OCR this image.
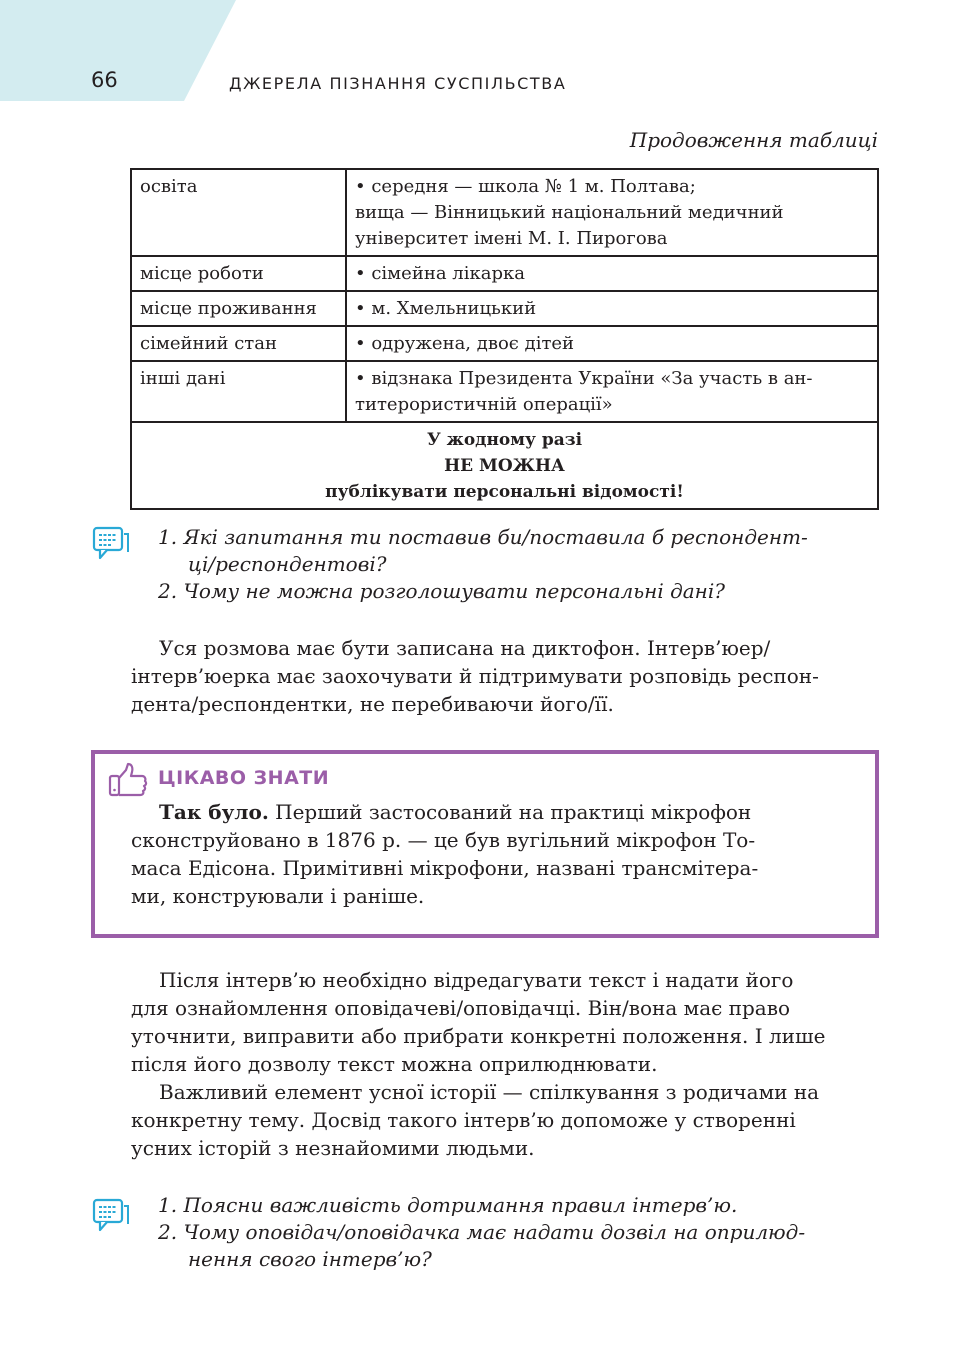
66	ДЖЕРЕЛА ПІЗНАННЯ СУСПІЛЬСТВА
Продовження таблиці
освіта	• середня — школа № 1 м. Полтава;
вища — Вінницький національний медичний
університет імені М. І. Пирогова

місце роботи	• сімейна лікарка

місце проживання	• м. Хмельницький

сімейний стан	• одружена, двоє дітей

інші дані	• відзнака Президента України «За участь в ан-
титерористичній операції»

У жодному разі
НЕ МОЖНА
публікувати персональні відомості!	
1. Які запитання ти поставив би/поставила б респондент-
ці/респондентові?
2. Чому не можна розголошувати персональні дані?

Уся розмова має бути записана на диктофон. Інтерв’юер/
інтерв’юерка має заохочувати й підтримувати розповідь респон-
дента/респондентки, не перебиваючи його/її.

ЦІКАВО ЗНАТИ

Так було. Перший застосований на практиці мікрофон
сконструйовано в 1876 р. — це був вугільний мікрофон То-
маса Едісона. Примітивні мікрофони, названі трансмітера-
ми, конструювали і раніше.

Після інтерв’ю необхідно відредагувати текст і надати його
для ознайомлення оповідачеві/оповідачці. Він/вона має право
уточнити, виправити або прибрати конкретні положення. І лише
після його дозволу текст можна оприлюднювати.

Важливий елемент усної історії — спілкування з родичами на
конкретну тему. Досвід такого інтерв’ю допоможе у створенні
усних історій з незнайомими людьми.

1. Поясни важливість дотримання правил інтерв’ю.
2. Чому оповідач/оповідачка має надати дозвіл на оприлюд-
нення свого інтерв’ю?
